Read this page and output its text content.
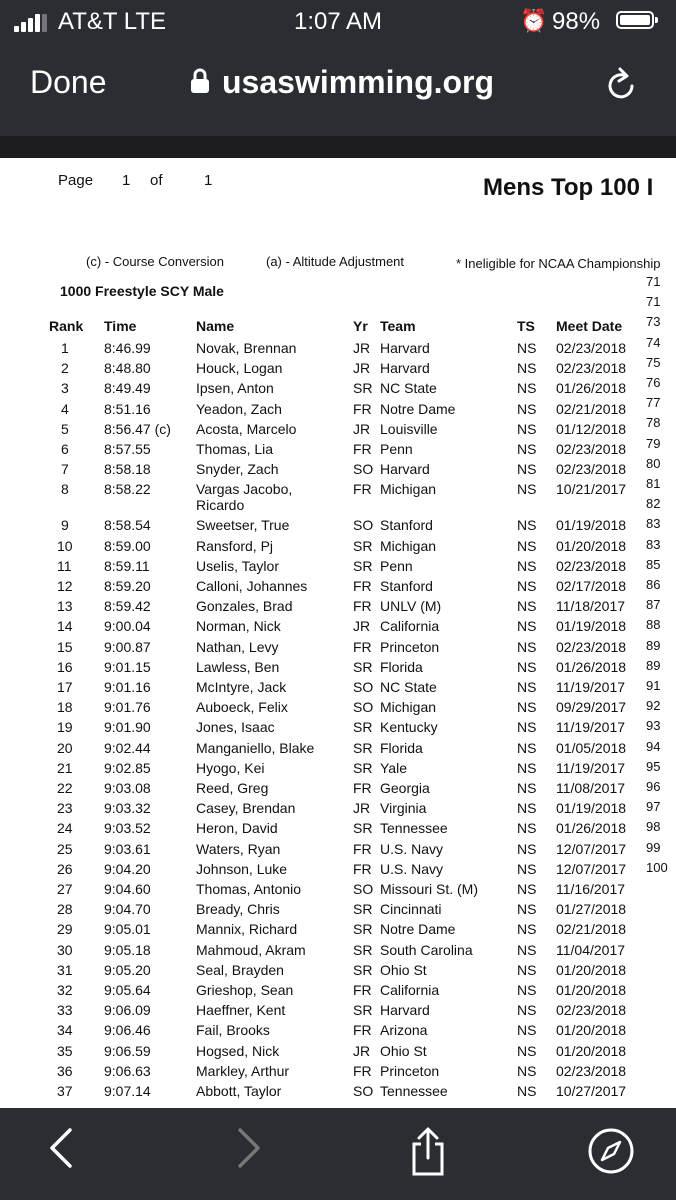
AT&T LTE	1:07 AM	⏰ 98%
Done	usaswimming.org
Page 1 of	1	Mens Top 100 I
(c) - Course Conversion	(a) - Altitude Adjustment	* Ineligible for NCAA Championship
1000 Freestyle SCY Male
Rank Time	Name	Yr Team	TS Meet Date
1	8:46.99	Novak, Brennan	JR Harvard	NS 02/23/2018
2	8:48.80	Houck, Logan	JR Harvard	NS 02/23/2018
3	8:49.49	Ipsen, Anton	SR NC State	NS 01/26/2018
4	8:51.16	Yeadon, Zach	FR Notre Dame	NS 02/21/2018
5	8:56.47 (c) Acosta, Marcelo	JR Louisville	NS 01/12/2018
6	8:57.55	Thomas, Lia	FR Penn	NS 02/23/2018
7	8:58.18	Snyder, Zach	SO Harvard	NS 02/23/2018
8	8:58.22	Vargas Jacobo,	FR Michigan	NS 10/21/2017
Ricardo
9	8:58.54	Sweetser, True	SO Stanford	NS 01/19/2018
10 8:59.00	Ransford, Pj	SR Michigan	NS 01/20/2018
11 8:59.11	Uselis, Taylor	SR Penn	NS 02/23/2018
12 8:59.20	Calloni, Johannes	FR Stanford	NS 02/17/2018
13 8:59.42	Gonzales, Brad	FR UNLV (M)	NS 11/18/2017
14 9:00.04	Norman, Nick	JR California	NS 01/19/2018
15 9:00.87	Nathan, Levy	FR Princeton	NS 02/23/2018
16 9:01.15	Lawless, Ben	SR Florida	NS 01/26/2018
17 9:01.16	McIntyre, Jack	SO NC State	NS 11/19/2017
18 9:01.76	Auboeck, Felix	SO Michigan	NS 09/29/2017
19 9:01.90	Jones, Isaac	SR Kentucky	NS 11/19/2017
20 9:02.44	Manganiello, Blake	SR Florida	NS 01/05/2018
21 9:02.85	Hyogo, Kei	SR Yale	NS 11/19/2017
22 9:03.08	Reed, Greg	FR Georgia	NS 11/08/2017
23 9:03.32	Casey, Brendan	JR Virginia	NS 01/19/2018
24 9:03.52	Heron, David	SR Tennessee	NS 01/26/2018
25 9:03.61	Waters, Ryan	FR U.S. Navy	NS 12/07/2017
26 9:04.20	Johnson, Luke	FR U.S. Navy	NS 12/07/2017
27 9:04.60	Thomas, Antonio	SO Missouri St. (M)	NS 11/16/2017
28 9:04.70	Bready, Chris	SR Cincinnati	NS 01/27/2018
29 9:05.01	Mannix, Richard	SR Notre Dame	NS 02/21/2018
30 9:05.18	Mahmoud, Akram	SR South Carolina	NS 11/04/2017
31 9:05.20	Seal, Brayden	SR Ohio St	NS 01/20/2018
32 9:05.64	Grieshop, Sean	FR California	NS 01/20/2018
33 9:06.09	Haeffner, Kent	SR Harvard	NS 02/23/2018
34 9:06.46	Fail, Brooks	FR Arizona	NS 01/20/2018
35 9:06.59	Hogsed, Nick	JR Ohio St	NS 01/20/2018
36 9:06.63	Markley, Arthur	FR Princeton	NS 02/23/2018
37 9:07.14	Abbott, Taylor	SO Tennessee	NS 10/27/2017
71
71
73
74
75
76
77
78
79
80
81
82
83
83
85
86
87
88
89
89
91
92
93
94
95
96
97
98
99
100
